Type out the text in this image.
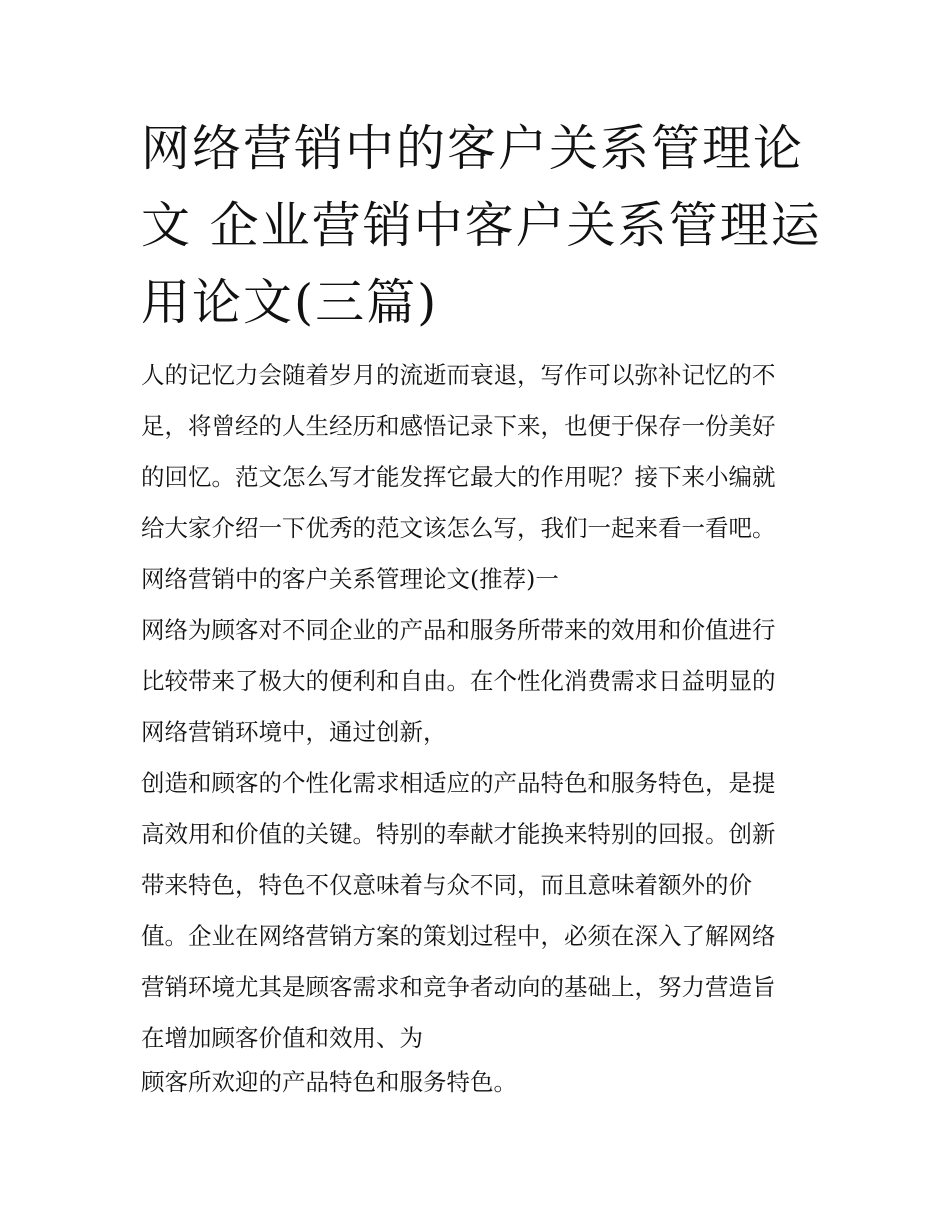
网络营销中的客户关系管理论
文 企业营销中客户关系管理运
用论文(三篇)
人的记忆力会随着岁月的流逝而衰退，写作可以弥补记忆的不
足，将曾经的人生经历和感悟记录下来，也便于保存一份美好
的回忆。范文怎么写才能发挥它最大的作用呢？接下来小编就
给大家介绍一下优秀的范文该怎么写，我们一起来看一看吧。
网络营销中的客户关系管理论文(推荐)一
网络为顾客对不同企业的产品和服务所带来的效用和价值进行
比较带来了极大的便利和自由。在个性化消费需求日益明显的
网络营销环境中，通过创新，
创造和顾客的个性化需求相适应的产品特色和服务特色，是提
高效用和价值的关键。特别的奉献才能换来特别的回报。创新
带来特色，特色不仅意味着与众不同，而且意味着额外的价
值。企业在网络营销方案的策划过程中，必须在深入了解网络
营销环境尤其是顾客需求和竞争者动向的基础上，努力营造旨
在增加顾客价值和效用、为
顾客所欢迎的产品特色和服务特色。
